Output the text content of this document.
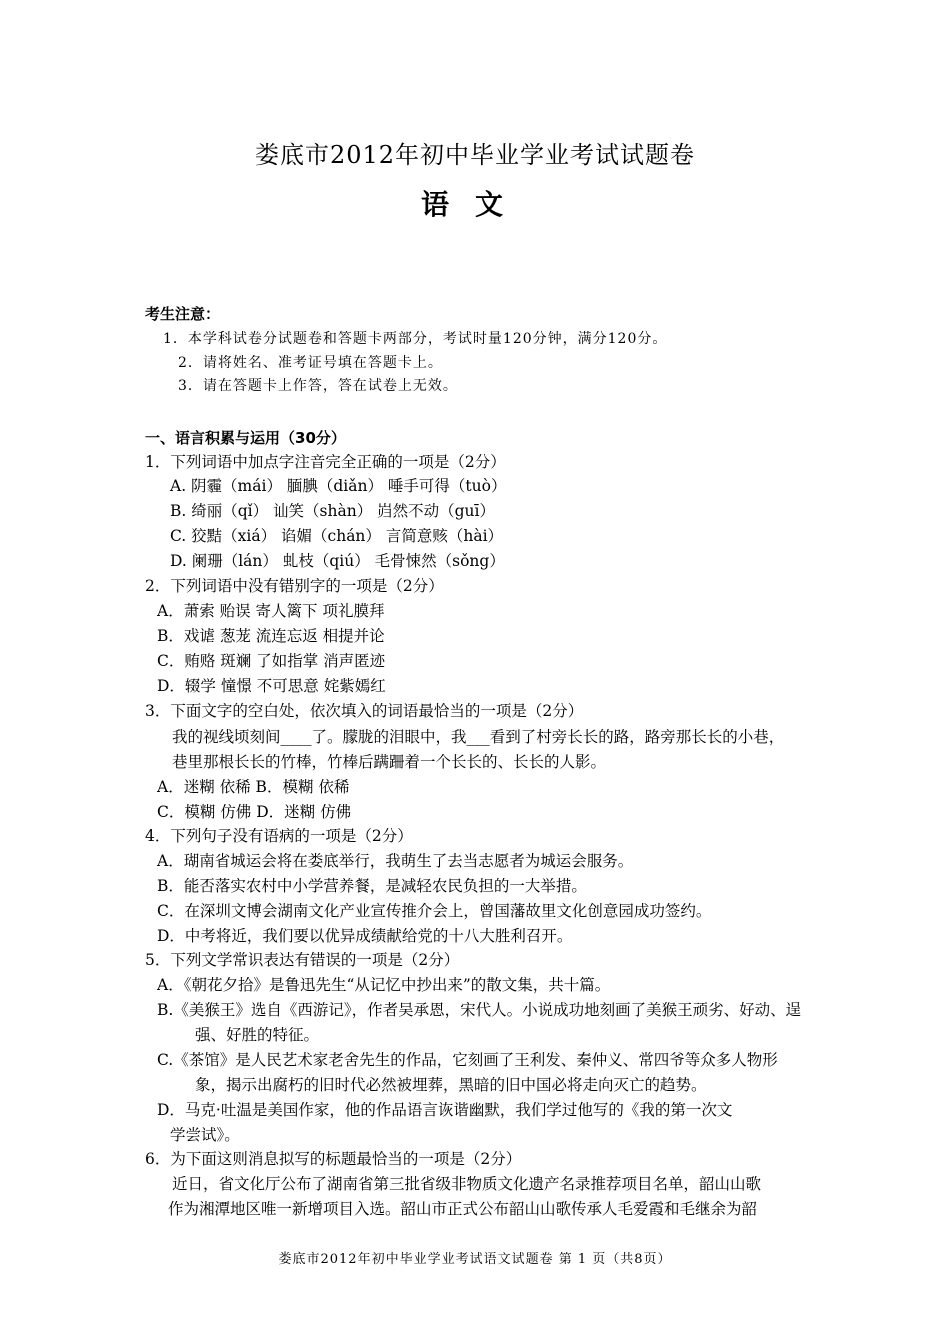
娄底市2012年初中毕业学业考试试题卷
语文
考生注意：
1．本学科试卷分试题卷和答题卡两部分，考试时量120分钟，满分120分。
2．请将姓名、准考证号填在答题卡上。
3．请在答题卡上作答，答在试卷上无效。
一、语言积累与运用（30分）
1．下列词语中加点字注音完全正确的一项是（2分）
A. 阴霾（mái） 腼腆（diǎn） 唾手可得（tuò）
B. 绮丽（qǐ） 讪笑（shàn） 岿然不动（guī）
C. 狡黠（xiá） 谄媚（chán） 言简意赅（hài）
D. 阑珊（lán） 虬枝（qiú） 毛骨悚然（sǒng）
2．下列词语中没有错别字的一项是（2分）
A．萧索 贻误 寄人篱下 项礼膜拜
B．戏谑 葱茏 流连忘返 相提并论
C．贿赂 斑斓 了如指掌 消声匿迹
D．辍学 憧憬 不可思意 姹紫嫣红
3．下面文字的空白处，依次填入的词语最恰当的一项是（2分）
我的视线顷刻间____了。朦胧的泪眼中，我___看到了村旁长长的路，路旁那长长的小巷，
巷里那根长长的竹棒，竹棒后蹒跚着一个长长的、长长的人影。
A．迷糊 依稀 B．模糊 依稀
C．模糊 仿佛 D．迷糊 仿佛
4．下列句子没有语病的一项是（2分）
A．瑚南省城运会将在娄底举行，我萌生了去当志愿者为城运会服务。
B．能否落实农村中小学营养餐，是减轻农民负担的一大举措。
C．在深圳文博会湖南文化产业宣传推介会上，曾国藩故里文化创意园成功签约。
D．中考将近，我们要以优异成绩献给党的十八大胜利召开。
5．下列文学常识表达有错误的一项是（2分）
A．《朝花夕拾》是鲁迅先生“从记忆中抄出来”的散文集，共十篇。
B.《美猴王》选自《西游记》，作者吴承恩，宋代人。小说成功地刻画了美猴王顽劣、好动、逞
强、好胜的特征。
C.《茶馆》是人民艺术家老舍先生的作品，它刻画了王利发、秦仲义、常四爷等众多人物形
象，揭示出腐朽的旧时代必然被埋葬，黑暗的旧中国必将走向灭亡的趋势。
D．马克·吐温是美国作家，他的作品语言诙谐幽默，我们学过他写的《我的第一次文
学尝试》。
6．为下面这则消息拟写的标题最恰当的一项是（2分）
近日，省文化厅公布了湖南省第三批省级非物质文化遗产名录推荐项目名单，韶山山歌
作为湘潭地区唯一新增项目入选。韶山市正式公布韶山山歌传承人毛爱霞和毛继余为韶
娄底市2012年初中毕业学业考试语文试题卷 第 1 页（共8页）
